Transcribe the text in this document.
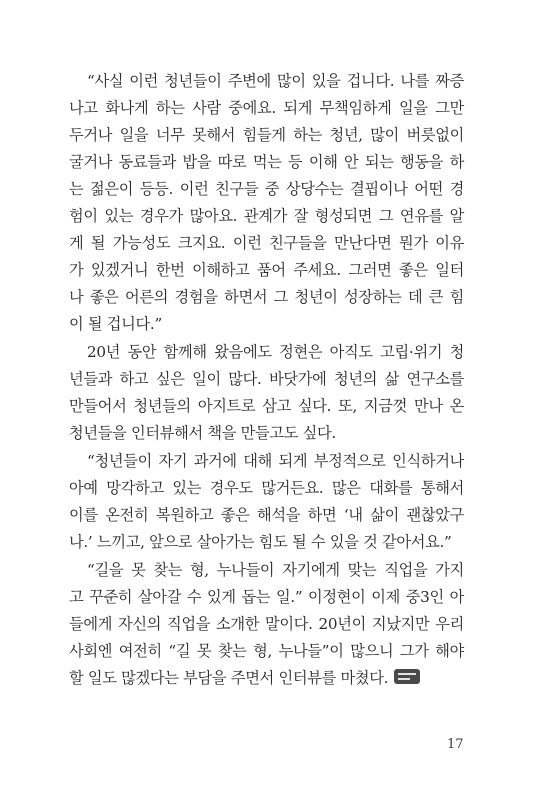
“사실 이런 청년들이 주변에 많이 있을 겁니다. 나를 짜증
나고 화나게 하는 사람 중에요. 되게 무책임하게 일을 그만
두거나 일을 너무 못해서 힘들게 하는 청년, 많이 버릇없이
굴거나 동료들과 밥을 따로 먹는 등 이해 안 되는 행동을 하
는 젊은이 등등. 이런 친구들 중 상당수는 결핍이나 어떤 경
험이 있는 경우가 많아요. 관계가 잘 형성되면 그 연유를 알
게 될 가능성도 크지요. 이런 친구들을 만난다면 뭔가 이유
가 있겠거니 한번 이해하고 품어 주세요. 그러면 좋은 일터
나 좋은 어른의 경험을 하면서 그 청년이 성장하는 데 큰 힘
이 될 겁니다.”
20년 동안 함께해 왔음에도 정현은 아직도 고립·위기 청
년들과 하고 싶은 일이 많다. 바닷가에 청년의 삶 연구소를
만들어서 청년들의 아지트로 삼고 싶다. 또, 지금껏 만나 온
청년들을 인터뷰해서 책을 만들고도 싶다.
“청년들이 자기 과거에 대해 되게 부정적으로 인식하거나
아예 망각하고 있는 경우도 많거든요. 많은 대화를 통해서
이를 온전히 복원하고 좋은 해석을 하면 ‘내 삶이 괜찮았구
나.’ 느끼고, 앞으로 살아가는 힘도 될 수 있을 것 같아서요.”
“길을 못 찾는 형, 누나들이 자기에게 맞는 직업을 가지
고 꾸준히 살아갈 수 있게 돕는 일.” 이정현이 이제 중3인 아
들에게 자신의 직업을 소개한 말이다. 20년이 지났지만 우리
사회엔 여전히 “길 못 찾는 형, 누나들”이 많으니 그가 해야
할 일도 많겠다는 부담을 주면서 인터뷰를 마쳤다.
17
